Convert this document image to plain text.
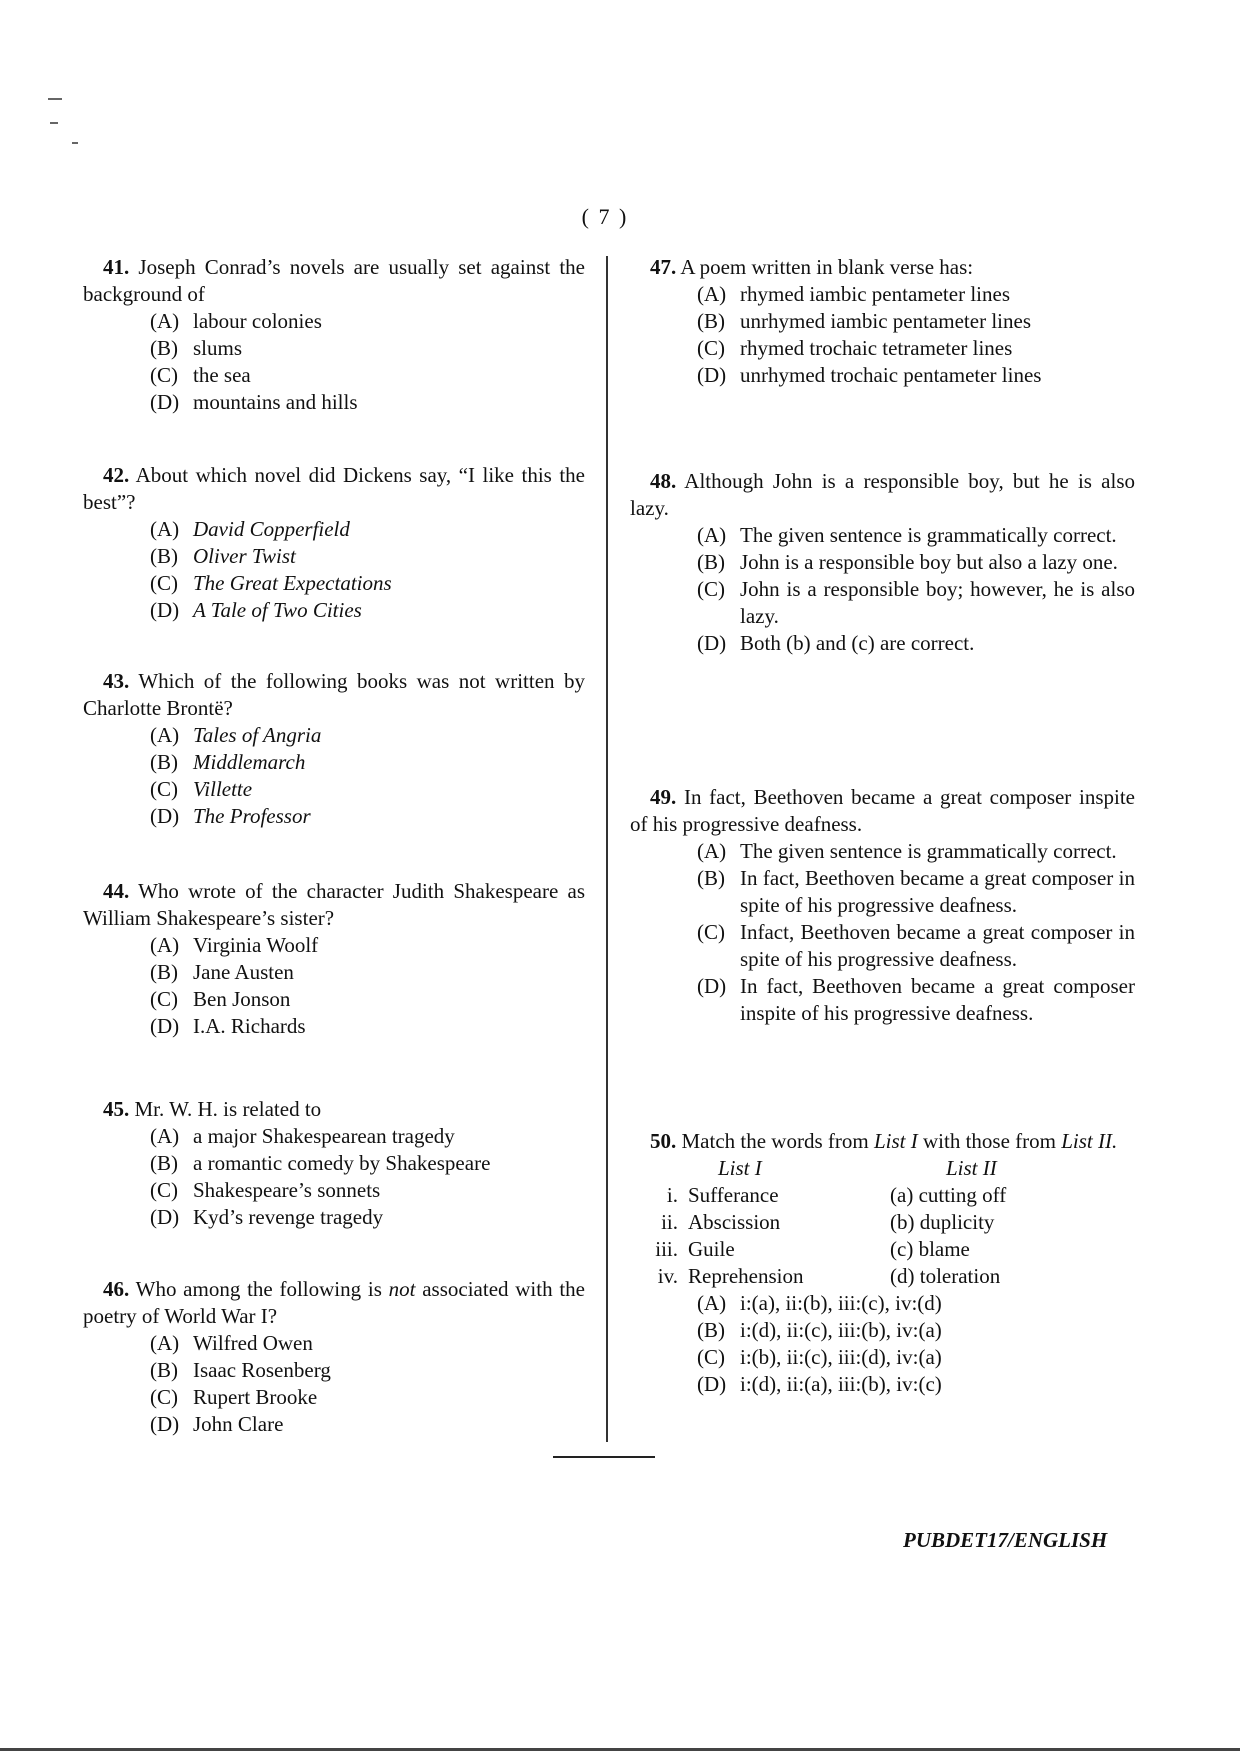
( 7 )
41. Joseph Conrad’s novels are usually set against the background of
(A) labour colonies
(B) slums
(C) the sea
(D) mountains and hills
42. About which novel did Dickens say, “I like this the best”?
(A) David Copperfield
(B) Oliver Twist
(C) The Great Expectations
(D) A Tale of Two Cities
43. Which of the following books was not written by Charlotte Brontë?
(A) Tales of Angria
(B) Middlemarch
(C) Villette
(D) The Professor
44. Who wrote of the character Judith Shakespeare as William Shakespeare’s sister?
(A) Virginia Woolf
(B) Jane Austen
(C) Ben Jonson
(D) I.A. Richards
45. Mr. W. H. is related to
(A) a major Shakespearean tragedy
(B) a romantic comedy by Shakespeare
(C) Shakespeare’s sonnets
(D) Kyd’s revenge tragedy
46. Who among the following is not associated with the poetry of World War I?
(A) Wilfred Owen
(B) Isaac Rosenberg
(C) Rupert Brooke
(D) John Clare
47. A poem written in blank verse has:
(A) rhymed iambic pentameter lines
(B) unrhymed iambic pentameter lines
(C) rhymed trochaic tetrameter lines
(D) unrhymed trochaic pentameter lines
48. Although John is a responsible boy, but he is also lazy.
(A) The given sentence is grammatically correct.
(B) John is a responsible boy but also a lazy one.
(C) John is a responsible boy; however, he is also lazy.
(D) Both (b) and (c) are correct.
49. In fact, Beethoven became a great composer inspite of his progressive deafness.
(A) The given sentence is grammatically correct.
(B) In fact, Beethoven became a great composer in spite of his progressive deafness.
(C) Infact, Beethoven became a great composer in spite of his progressive deafness.
(D) In fact, Beethoven became a great composer inspite of his progressive deafness.
50. Match the words from List I with those from List II.
List I	List II
i. Sufferance	(a) cutting off
ii. Abscission	(b) duplicity
iii. Guile	(c) blame
iv. Reprehension	(d) toleration
(A) i:(a), ii:(b), iii:(c), iv:(d)
(B) i:(d), ii:(c), iii:(b), iv:(a)
(C) i:(b), ii:(c), iii:(d), iv:(a)
(D) i:(d), ii:(a), iii:(b), iv:(c)
PUBDET17/ENGLISH
